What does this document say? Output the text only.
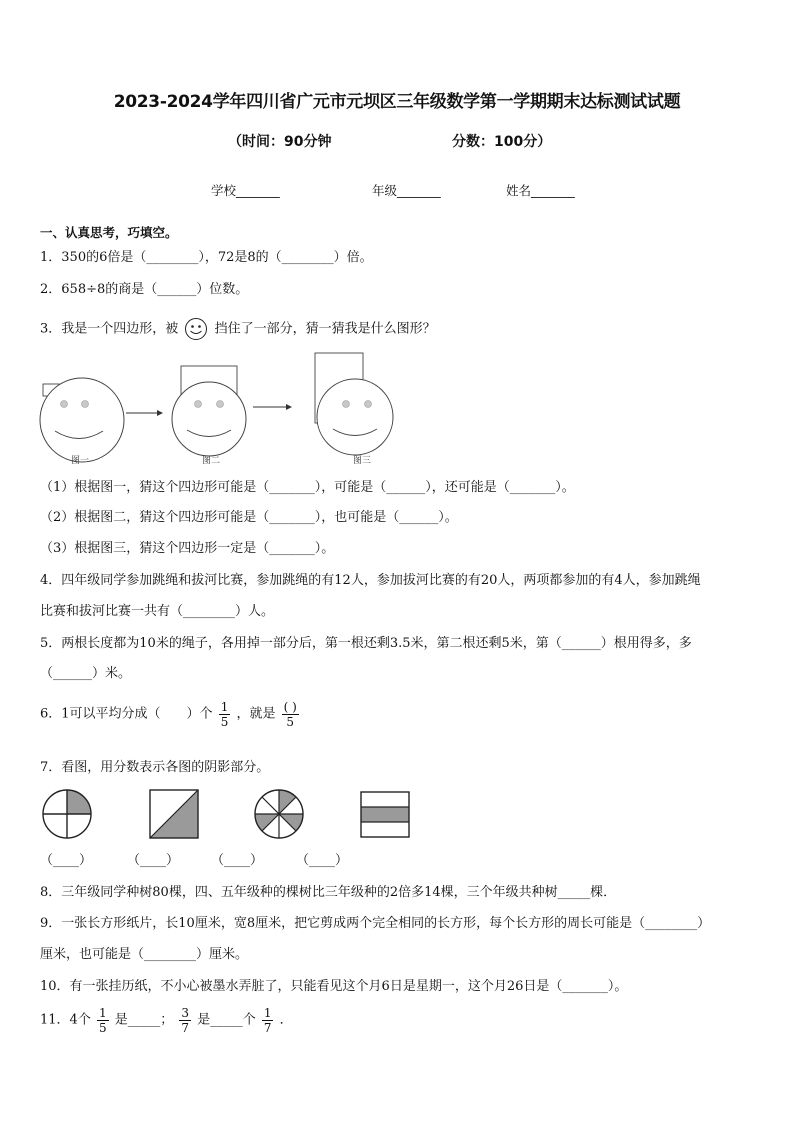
2023-2024学年四川省广元市元坝区三年级数学第一学期期末达标测试试题
（时间：90分钟	分数：100分）
学校_______	年级_______	姓名_______
一、认真思考，巧填空。
1．350的6倍是（________），72是8的（________）倍。
2．658÷8的商是（______）位数。
3．我是一个四边形，被	挡住了一部分，猜一猜我是什么图形？
图一	图二	图三
（1）根据图一，猜这个四边形可能是（_______），可能是（______），还可能是（_______）。
（2）根据图二，猜这个四边形可能是（_______），也可能是（______）。
（3）根据图三，猜这个四边形一定是（_______）。
4．四年级同学参加跳绳和拔河比赛，参加跳绳的有12人，参加拔河比赛的有20人，两项都参加的有4人，参加跳绳
比赛和拔河比赛一共有（________）人。
5．两根长度都为10米的绳子，各用掉一部分后，第一根还剩3.5米，第二根还剩5米，第（______）根用得多，多
（______）米。
6．1可以平均分成（　　）个 $\frac{1}{5}$ ，就是 $\frac{( )}{5}$
7．看图，用分数表示各图的阴影部分。
（____）	（____） （____）	（____）
8．三年级同学种树80棵，四、五年级种的棵树比三年级种的2倍多14棵，三个年级共种树_____棵．
9．一张长方形纸片，长10厘米，宽8厘米，把它剪成两个完全相同的长方形，每个长方形的周长可能是（________）
厘米，也可能是（________）厘米。
10．有一张挂历纸，不小心被墨水弄脏了，只能看见这个月6日是星期一，这个月26日是（_______）。
11．4个 $\frac{1}{5}$ 是_____； $\frac{3}{7}$ 是_____个 $\frac{1}{7}$ ．
